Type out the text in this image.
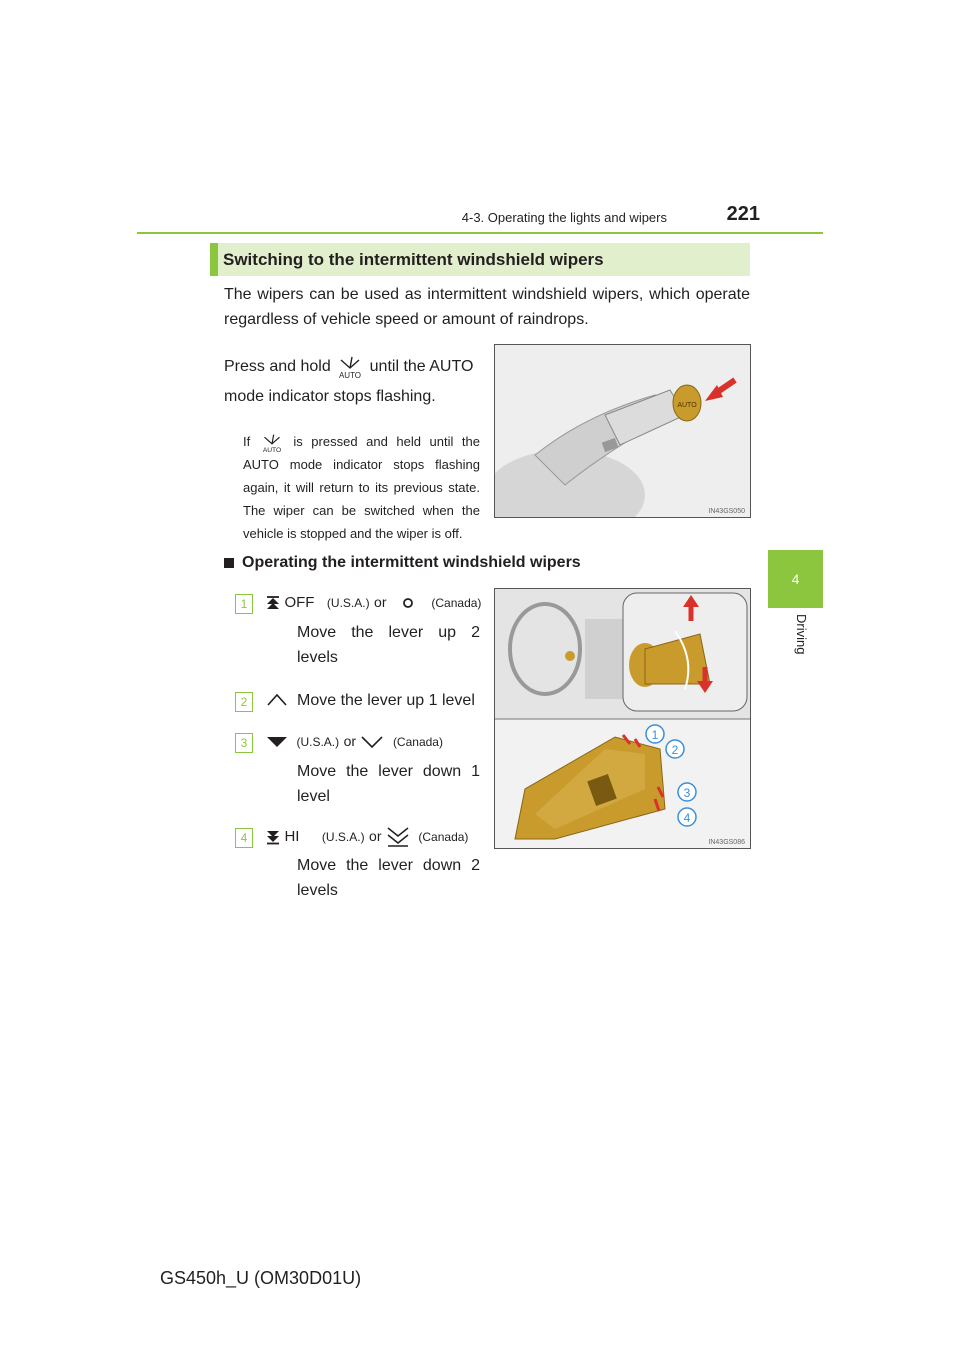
4-3. Operating the lights and wipers	221
4
Driving
Switching to the intermittent windshield wipers
The wipers can be used as intermittent windshield wipers, which operate regardless of vehicle speed or amount of raindrops.
Press and hold
AUTO
until the AUTO mode indicator stops flashing.
If
AUTO
is pressed and held until the AUTO mode indicator stops flashing again, it will return to its previous state. The wiper can be switched when the vehicle is stopped and the wiper is off.
AUTO
IN43GS050
Operating the intermittent windshield wipers
1
2
3
4
IN43GS086
1	OFF (U.S.A.) or	(Canada)
Move the lever up 2 levels
2	Move the lever up 1 level
3	(U.S.A.) or	(Canada)
Move the lever down 1 level
4	HI (U.S.A.) or	(Canada)
Move the lever down 2 levels
GS450h_U (OM30D01U)
